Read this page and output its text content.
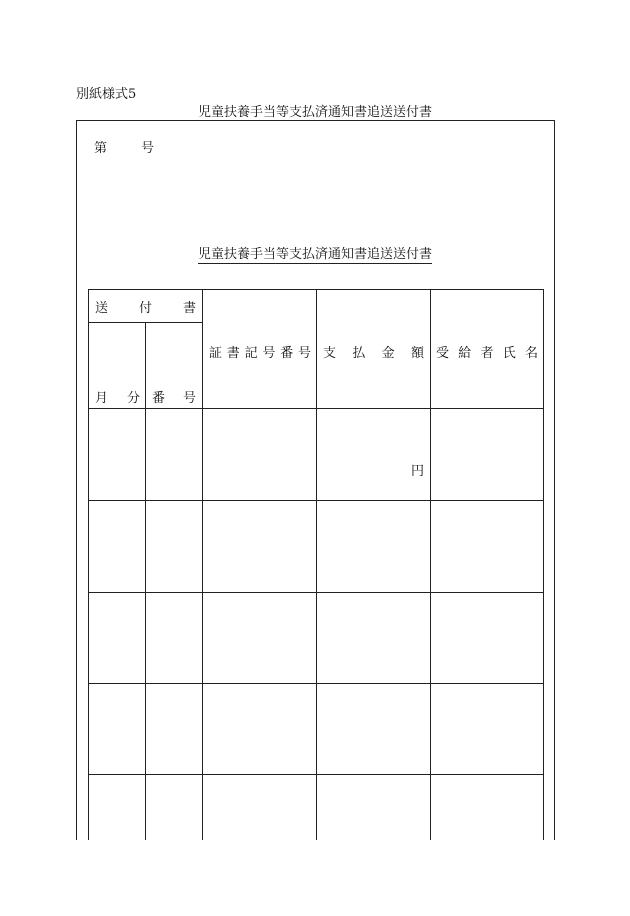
別紙様式5
児童扶養手当等支払済通知書追送送付書
第	号
児童扶養手当等支払済通知書追送送付書
送 付 書
月 分 番 号
証 書 記 号 番 号 支 払 金 額 受 給 者 氏 名
円
